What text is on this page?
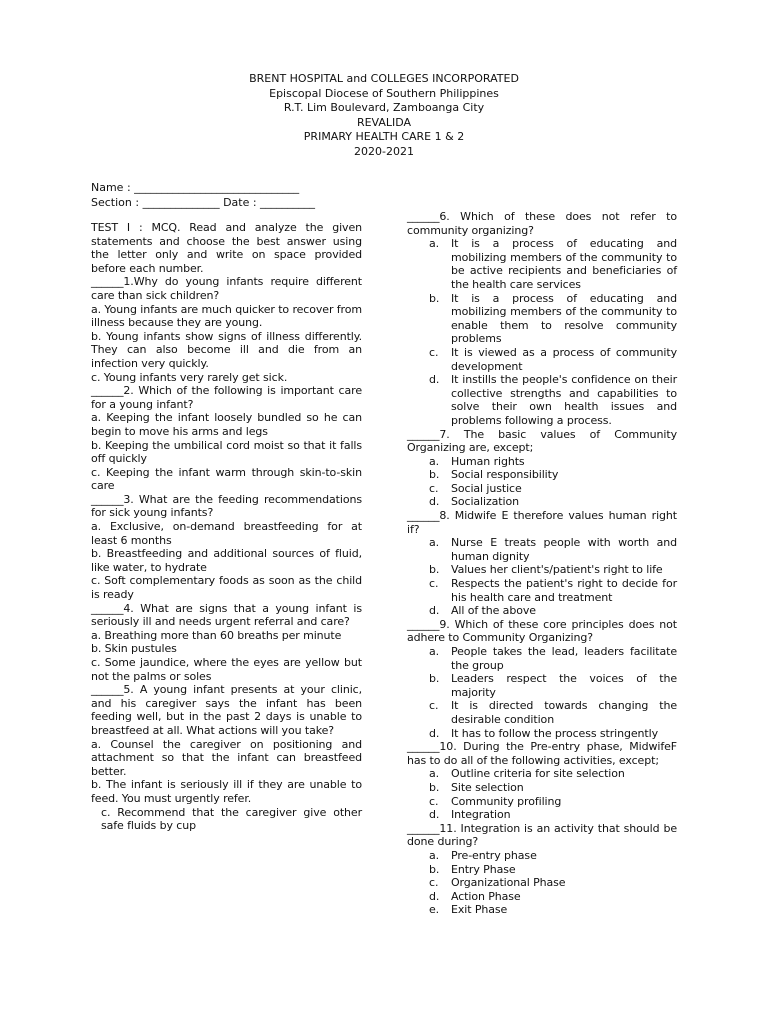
BRENT HOSPITAL and COLLEGES INCORPORATED
Episcopal Diocese of Southern Philippines
R.T. Lim Boulevard, Zamboanga City
REVALIDA
PRIMARY HEALTH CARE 1 & 2
2020-2021
Name : ______________________________
Section : ______________ Date : __________

TEST I : MCQ. Read and analyze the given statements and choose the best answer using the letter only and write on space provided before each number.

______1.Why do young infants require different care than sick children?

a. Young infants are much quicker to recover from illness because they are young.

b. Young infants show signs of illness differently. They can also become ill and die from an infection very quickly.

c. Young infants very rarely get sick.

______2. Which of the following is important care for a young infant?

a. Keeping the infant loosely bundled so he can begin to move his arms and legs

b. Keeping the umbilical cord moist so that it falls off quickly

c. Keeping the infant warm through skin-to-skin care

______3. What are the feeding recommendations for sick young infants?

a. Exclusive, on-demand breastfeeding for at least 6 months

b. Breastfeeding and additional sources of fluid, like water, to hydrate

c. Soft complementary foods as soon as the child is ready

______4. What are signs that a young infant is seriously ill and needs urgent referral and care?

a. Breathing more than 60 breaths per minute

b. Skin pustules

c. Some jaundice, where the eyes are yellow but not the palms or soles

______5. A young infant presents at your clinic, and his caregiver says the infant has been feeding well, but in the past 2 days is unable to breastfeed at all. What actions will you take?

a. Counsel the caregiver on positioning and attachment so that the infant can breastfeed better.

b. The infant is seriously ill if they are unable to feed. You must urgently refer.

c. Recommend that the caregiver give other safe fluids by cup

______6. Which of these does not refer to community organizing?

a. It is a process of educating and mobilizing members of the community to be active recipients and beneficiaries of the health care services
b. It is a process of educating and mobilizing members of the community to enable them to resolve community problems
c. It is viewed as a process of community development
d. It instills the people's confidence on their collective strengths and capabilities to solve their own health issues and problems following a process.

______7. The basic values of Community Organizing are, except;

a. Human rights
b. Social responsibility
c. Social justice
d. Socialization

______8. Midwife E therefore values human right if?

a. Nurse E treats people with worth and human dignity
b. Values her client's/patient's right to life
c. Respects the patient's right to decide for his health care and treatment
d. All of the above

______9. Which of these core principles does not adhere to Community Organizing?

a. People takes the lead, leaders facilitate the group
b. Leaders respect the voices of the majority
c. It is directed towards changing the desirable condition
d. It has to follow the process stringently

______10. During the Pre-entry phase, MidwifeF has to do all of the following activities, except;

a. Outline criteria for site selection
b. Site selection
c. Community profiling
d. Integration

______11. Integration is an activity that should be done during?

a. Pre-entry phase
b. Entry Phase
c. Organizational Phase
d. Action Phase
e. Exit Phase
